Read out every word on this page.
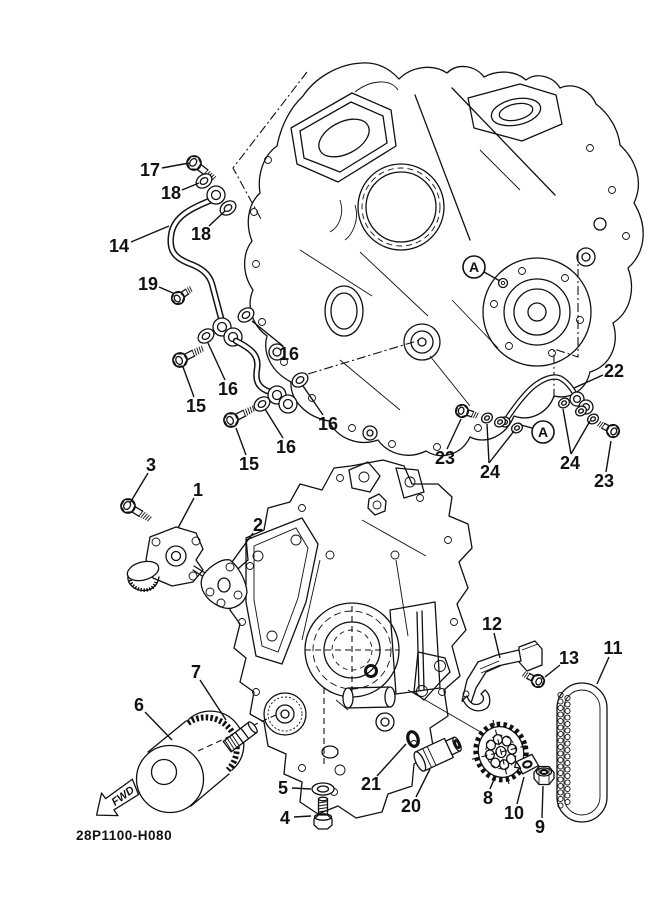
FWD
28P1100-H080
A
A
17
18
18
14
19
16
16
15
16
16
15
22
23
24	24
23
3
1
2
12
13 11
7
6
5
4
21
20	8
10
9
